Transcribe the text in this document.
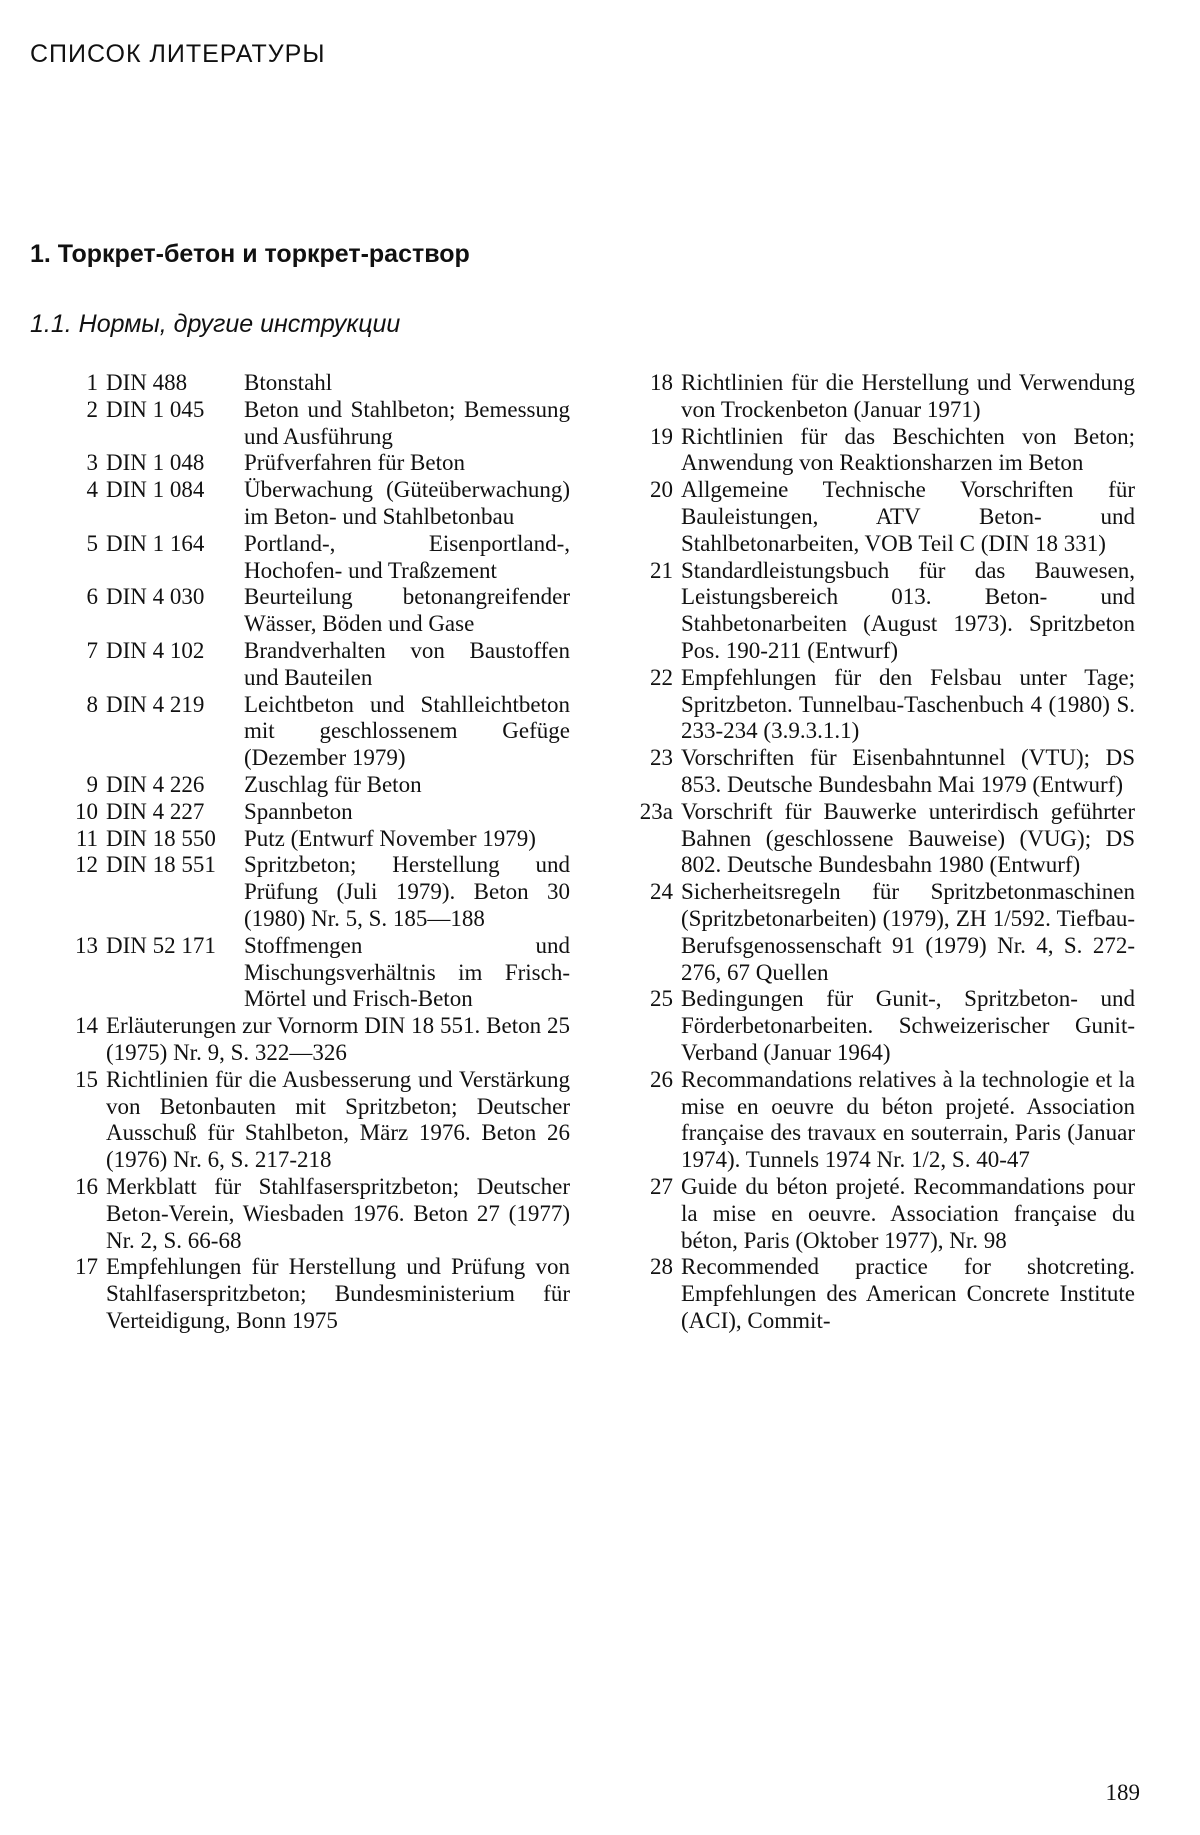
СПИСОК ЛИТЕРАТУРЫ
1. Торкрет-бетон и торкрет-раствор
1.1. Нормы, другие инструкции
1 DIN 488	Btonstahl
2 DIN 1 045	Beton und Stahlbeton; Bemessung und Ausführung
3 DIN 1 048	Prüfverfahren für Beton
4 DIN 1 084	Überwachung (Güteüberwachung) im Beton- und Stahlbetonbau
5 DIN 1 164	Portland-, Eisenportland-, Hochofen- und Traßzement
6 DIN 4 030	Beurteilung betonangreifender Wässer, Böden und Gase
7 DIN 4 102	Brandverhalten von Baustoffen und Bauteilen
8 DIN 4 219	Leichtbeton und Stahlleichtbeton mit geschlossenem Gefüge (Dezember 1979)
9 DIN 4 226	Zuschlag für Beton
10 DIN 4 227	Spannbeton
11 DIN 18 550	Putz (Entwurf November 1979)
12 DIN 18 551	Spritzbeton; Herstellung und Prüfung (Juli 1979). Beton 30 (1980) Nr. 5, S. 185—188
13 DIN 52 171	Stoffmengen und Mischungsverhältnis im Frisch-Mörtel und Frisch-Beton
14 Erläuterungen zur Vornorm DIN 18 551. Beton 25 (1975) Nr. 9, S. 322—326
15 Richtlinien für die Ausbesserung und Verstärkung von Betonbauten mit Spritzbeton; Deutscher Ausschuß für Stahlbeton, März 1976. Beton 26 (1976) Nr. 6, S. 217-218
16 Merkblatt für Stahlfaserspritzbeton; Deutscher Beton-Verein, Wiesbaden 1976. Beton 27 (1977) Nr. 2, S. 66-68
17 Empfehlungen für Herstellung und Prüfung von Stahlfaserspritzbeton; Bundesministerium für Verteidigung, Bonn 1975
18 Richtlinien für die Herstellung und Verwendung von Trockenbeton (Januar 1971)
19 Richtlinien für das Beschichten von Beton; Anwendung von Reaktionsharzen im Beton
20 Allgemeine Technische Vorschriften für Bauleistungen, ATV Beton- und Stahlbetonarbeiten, VOB Teil C (DIN 18 331)
21 Standardleistungsbuch für das Bauwesen, Leistungsbereich 013. Beton- und Stahbetonarbeiten (August 1973). Spritzbeton Pos. 190-211 (Entwurf)
22 Empfehlungen für den Felsbau unter Tage; Spritzbeton. Tunnelbau-Taschenbuch 4 (1980) S. 233-234 (3.9.3.1.1)
23 Vorschriften für Eisenbahntunnel (VTU); DS 853. Deutsche Bundesbahn Mai 1979 (Entwurf)
23a Vorschrift für Bauwerke unterirdisch geführter Bahnen (geschlossene Bauweise) (VUG); DS 802. Deutsche Bundesbahn 1980 (Entwurf)
24 Sicherheitsregeln für Spritzbetonmaschinen (Spritzbetonarbeiten) (1979), ZH 1/592. Tiefbau-Berufsgenossenschaft 91 (1979) Nr. 4, S. 272-276, 67 Quellen
25 Bedingungen für Gunit-, Spritzbeton- und Förderbetonarbeiten. Schweizerischer Gunit-Verband (Januar 1964)
26 Recommandations relatives à la technologie et la mise en oeuvre du béton projeté. Association française des travaux en souterrain, Paris (Januar 1974). Tunnels 1974 Nr. 1/2, S. 40-47
27 Guide du béton projeté. Recommandations pour la mise en oeuvre. Association française du béton, Paris (Oktober 1977), Nr. 98
28 Recommended practice for shotcreting. Empfehlungen des American Concrete Institute (ACI), Commit-
189
